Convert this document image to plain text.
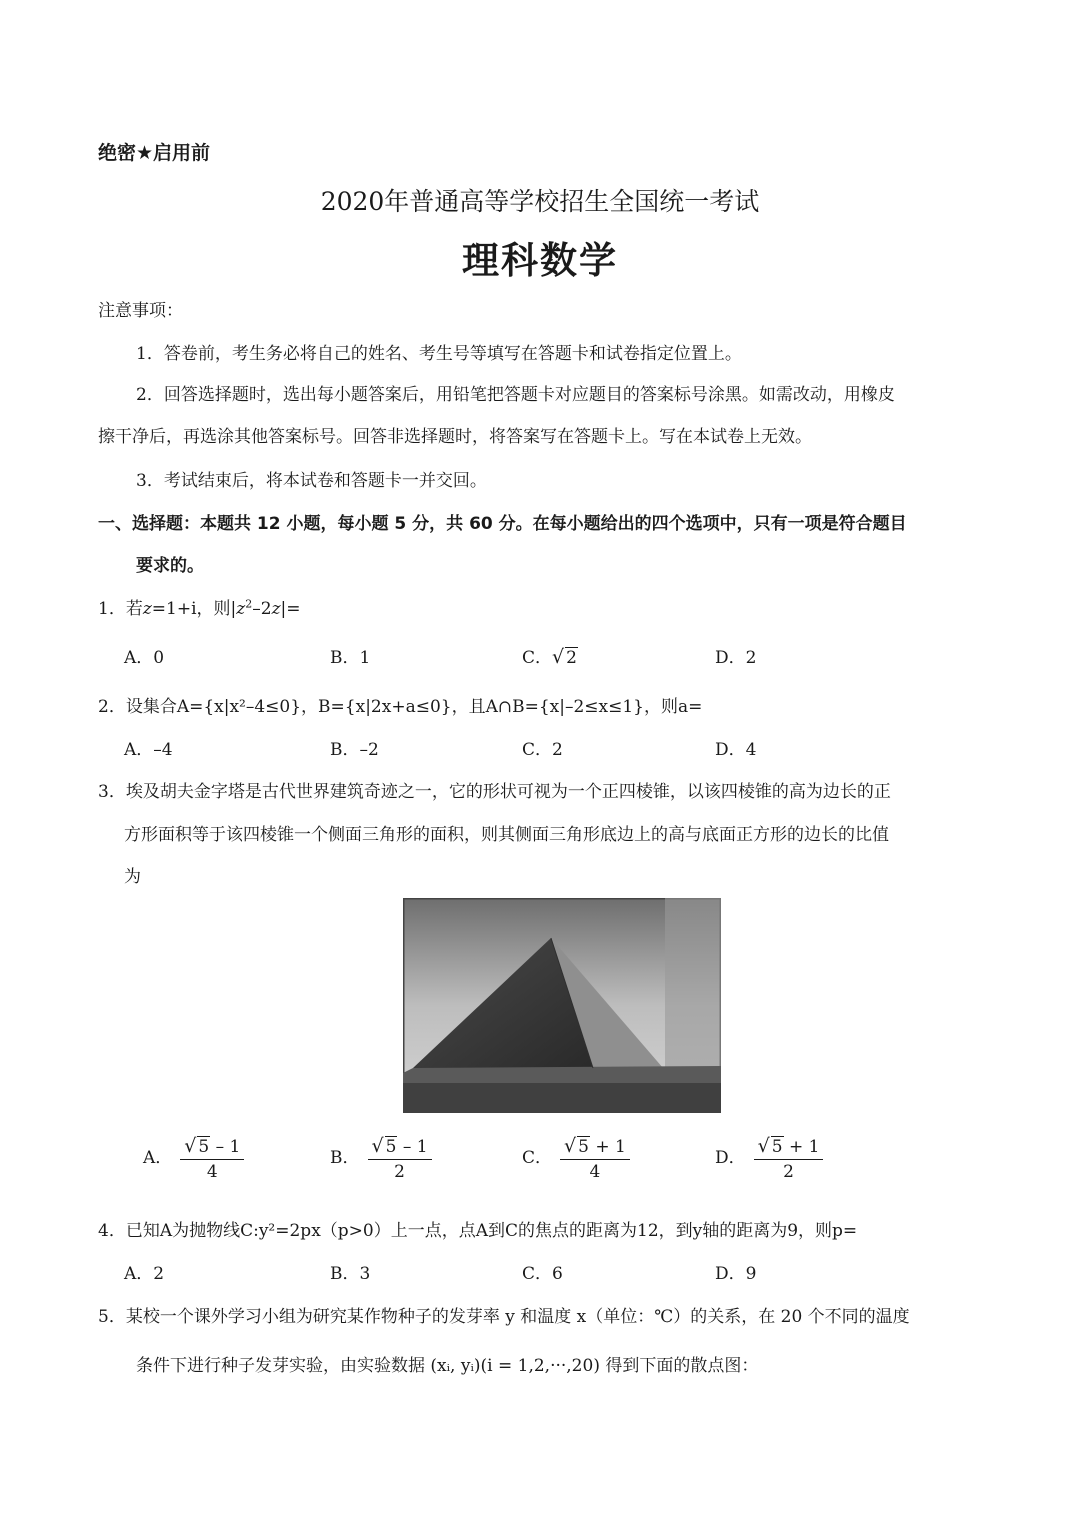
绝密★启用前
2020年普通高等学校招生全国统一考试
理科数学
注意事项：
1．答卷前，考生务必将自己的姓名、考生号等填写在答题卡和试卷指定位置上。
2．回答选择题时，选出每小题答案后，用铅笔把答题卡对应题目的答案标号涂黑。如需改动，用橡皮
擦干净后，再选涂其他答案标号。回答非选择题时，将答案写在答题卡上。写在本试卷上无效。
3．考试结束后，将本试卷和答题卡一并交回。
一、选择题：本题共 12 小题，每小题 5 分，共 60 分。在每小题给出的四个选项中，只有一项是符合题目
要求的。
1．若z=1+i，则$|z^2-2z|=$
A．0	B．1	C．√ 2	D．2
2．设集合A={x|x²–4≤0}，B={x|2x+a≤0}，且A∩B={x|–2≤x≤1}，则a=
A．–4	B．–2	C．2	D．4
3．埃及胡夫金字塔是古代世界建筑奇迹之一，它的形状可视为一个正四棱锥，以该四棱锥的高为边长的正
方形面积等于该四棱锥一个侧面三角形的面积，则其侧面三角形底边上的高与底面正方形的边长的比值
为
A． $\frac{√ 5 - 1}{4}$	B． $\frac{√ 5 - 1}{2}$	C． $\frac{√ 5 + 1}{4}$	D． $\frac{√ 5 + 1}{2}$
4．已知A为抛物线C:y²=2px（p>0）上一点，点A到C的焦点的距离为12，到y轴的距离为9，则p=
A．2	B．3	C．6	D．9
5．某校一个课外学习小组为研究某作物种子的发芽率 y 和温度 x（单位：℃）的关系，在 20 个不同的温度
条件下进行种子发芽实验，由实验数据 (xᵢ, yᵢ)(i = 1,2,···,20) 得到下面的散点图：
